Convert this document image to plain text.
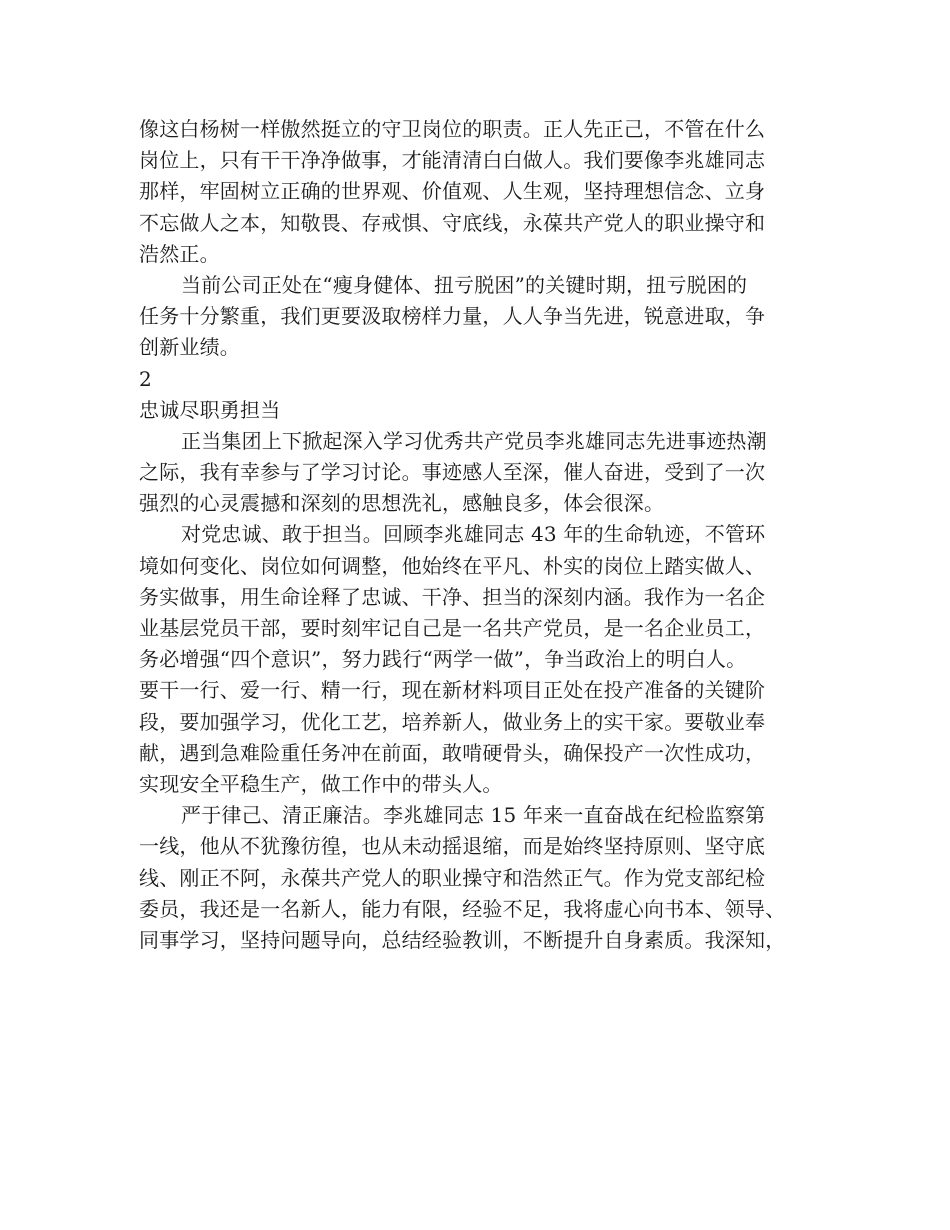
像这白杨树一样傲然挺立的守卫岗位的职责。正人先正己，不管在什么
岗位上，只有干干净净做事，才能清清白白做人。我们要像李兆雄同志
那样，牢固树立正确的世界观、价值观、人生观，坚持理想信念、立身
不忘做人之本，知敬畏、存戒惧、守底线，永葆共产党人的职业操守和
浩然正。
当前公司正处在“瘦身健体、扭亏脱困”的关键时期，扭亏脱困的
任务十分繁重，我们更要汲取榜样力量，人人争当先进，锐意进取，争
创新业绩。
2
忠诚尽职勇担当
正当集团上下掀起深入学习优秀共产党员李兆雄同志先进事迹热潮
之际，我有幸参与了学习讨论。事迹感人至深，催人奋进，受到了一次
强烈的心灵震撼和深刻的思想洗礼，感触良多，体会很深。
对党忠诚、敢于担当。回顾李兆雄同志 43 年的生命轨迹，不管环
境如何变化、岗位如何调整，他始终在平凡、朴实的岗位上踏实做人、
务实做事，用生命诠释了忠诚、干净、担当的深刻内涵。我作为一名企
业基层党员干部，要时刻牢记自己是一名共产党员，是一名企业员工，
务必增强“四个意识”，努力践行“两学一做”，争当政治上的明白人。
要干一行、爱一行、精一行，现在新材料项目正处在投产准备的关键阶
段，要加强学习，优化工艺，培养新人，做业务上的实干家。要敬业奉
献，遇到急难险重任务冲在前面，敢啃硬骨头，确保投产一次性成功，
实现安全平稳生产，做工作中的带头人。
严于律己、清正廉洁。李兆雄同志 15 年来一直奋战在纪检监察第
一线，他从不犹豫彷徨，也从未动摇退缩，而是始终坚持原则、坚守底
线、刚正不阿，永葆共产党人的职业操守和浩然正气。作为党支部纪检
委员，我还是一名新人，能力有限，经验不足，我将虚心向书本、领导、
同事学习，坚持问题导向，总结经验教训，不断提升自身素质。我深知，
